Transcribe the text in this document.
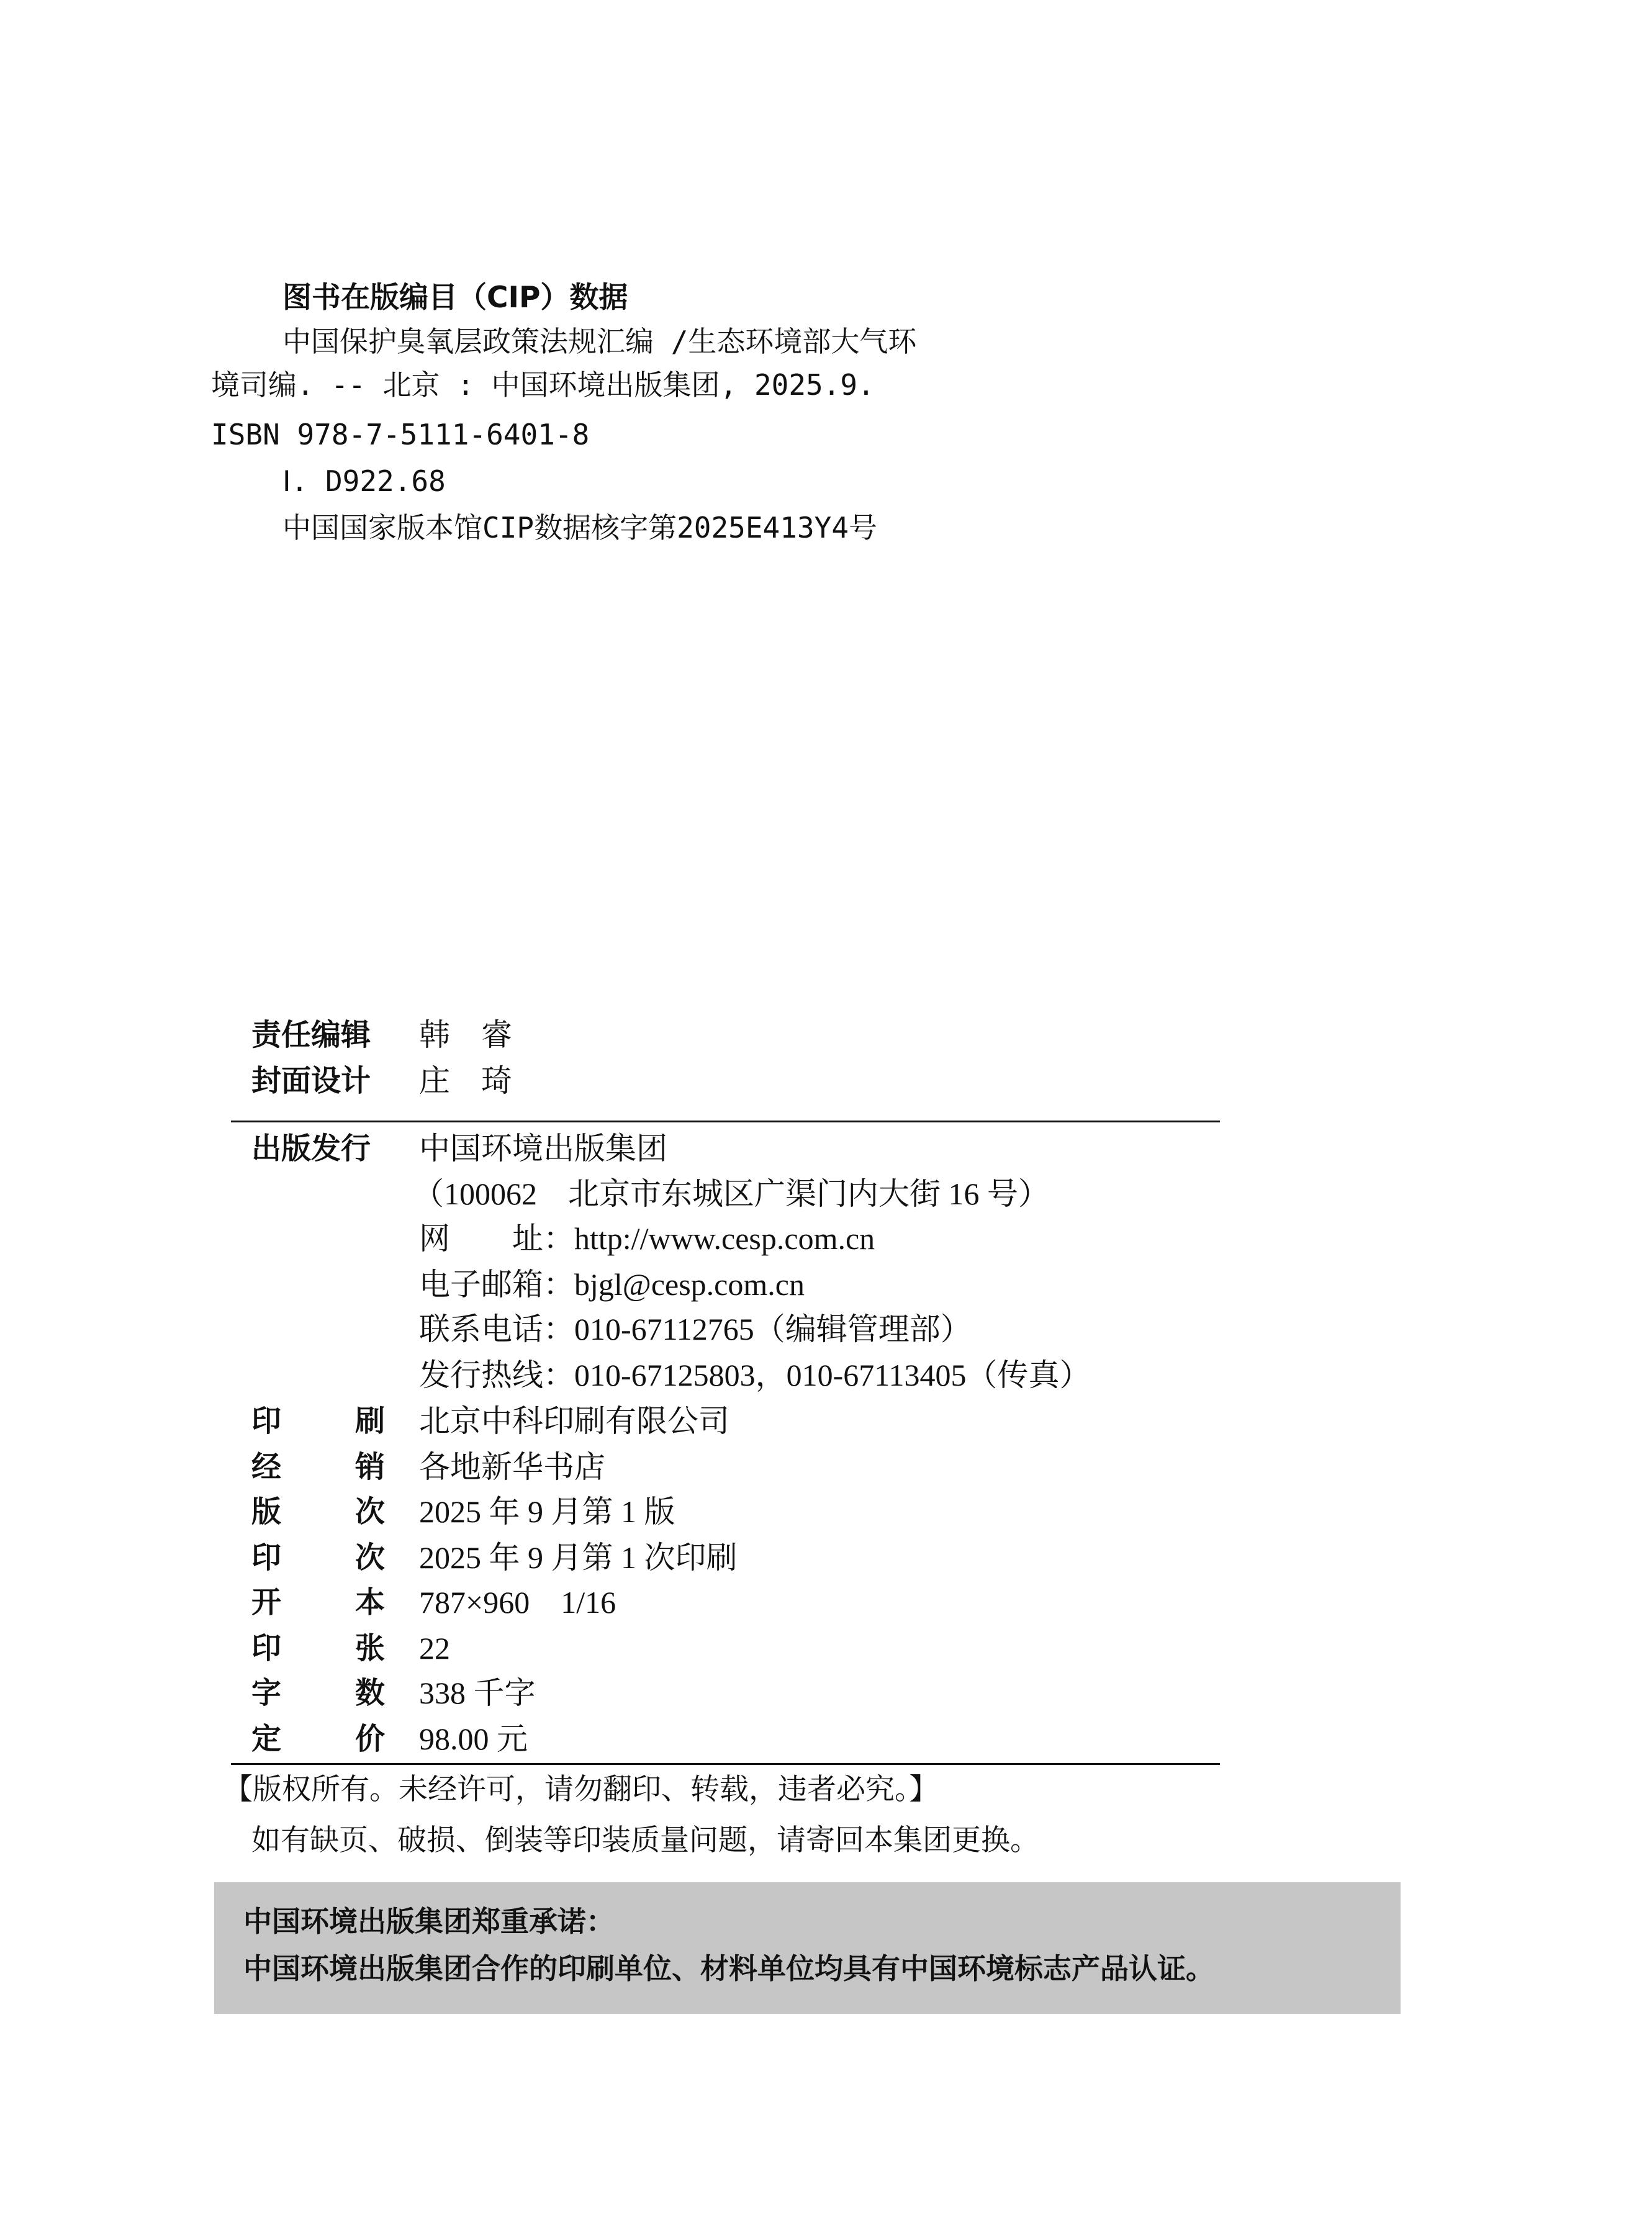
图书在版编目（CIP）数据
中国保护臭氧层政策法规汇编 /生态环境部大气环
境司编. -- 北京 : 中国环境出版集团, 2025.9.
ISBN 978-7-5111-6401-8
Ⅰ. D922.68
中国国家版本馆CIP数据核字第2025E413Y4号
责任编辑	韩　睿
封面设计	庄　琦
出版发行	中国环境出版集团
（100062　北京市东城区广渠门内大街 16 号）
网　　址：http://www.cesp.com.cn
电子邮箱：bjgl@cesp.com.cn
联系电话：010-67112765（编辑管理部）
发行热线：010-67125803，010-67113405（传真）
印 刷 北京中科印刷有限公司
经 销 各地新华书店
版 次 2025 年 9 月第 1 版
印 次 2025 年 9 月第 1 次印刷
开 本 787×960　1/16
印 张 22
字 数 338 千字
定 价 98.00 元
【版权所有。未经许可，请勿翻印、转载，违者必究。】
如有缺页、破损、倒装等印装质量问题，请寄回本集团更换。
中国环境出版集团郑重承诺：
中国环境出版集团合作的印刷单位、材料单位均具有中国环境标志产品认证。
